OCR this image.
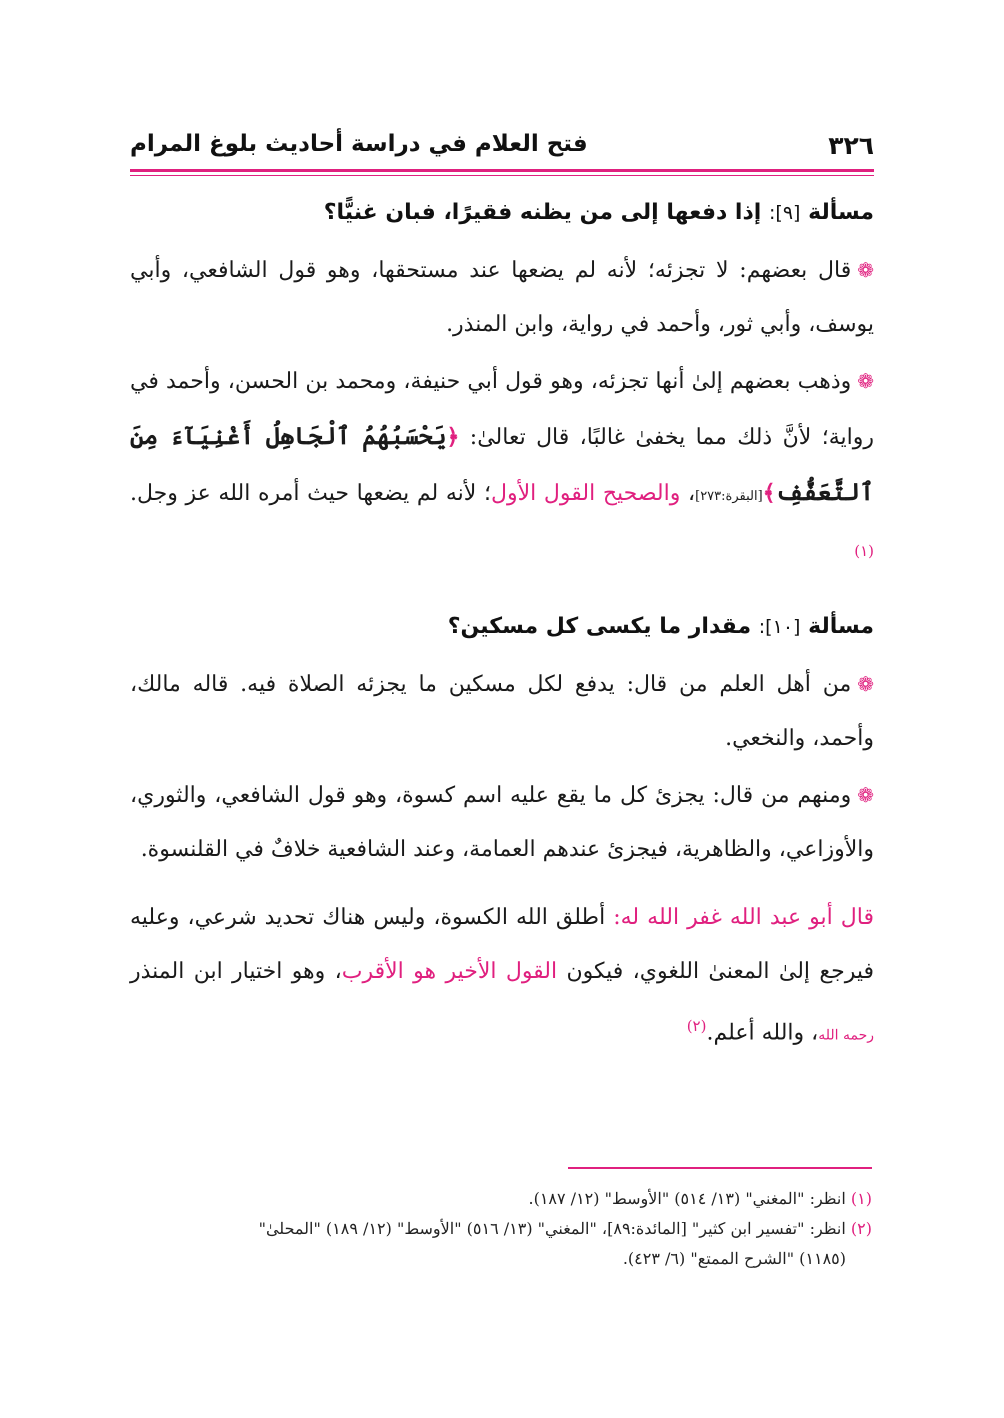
٣٢٦
فتح العلام في دراسة أحاديث بلوغ المرام
مسألة [٩]: إذا دفعها إلى من يظنه فقيرًا، فبان غنيًّا؟

❁قال بعضهم: لا تجزئه؛ لأنه لم يضعها عند مستحقها، وهو قول الشافعي، وأبي يوسف، وأبي ثور، وأحمد في رواية، وابن المنذر.

❁وذهب بعضهم إلىٰ أنها تجزئه، وهو قول أبي حنيفة، ومحمد بن الحسن، وأحمد في رواية؛ لأنَّ ذلك مما يخفىٰ غالبًا، قال تعالىٰ: ﴿يَحْسَبُهُمُ ٱلْجَاهِلُ أَغْنِيَآءَ مِنَ ٱلتَّعَفُّفِ﴾[البقرة:٢٧٣]، والصحيح القول الأول؛ لأنه لم يضعها حيث أمره الله عز وجل.$^{(١)}$

مسألة [١٠]: مقدار ما يكسى كل مسكين؟

❁من أهل العلم من قال: يدفع لكل مسكين ما يجزئه الصلاة فيه. قاله مالك، وأحمد، والنخعي.

❁ومنهم من قال: يجزئ كل ما يقع عليه اسم كسوة، وهو قول الشافعي، والثوري، والأوزاعي، والظاهرية، فيجزئ عندهم العمامة، وعند الشافعية خلافٌ في القلنسوة.

قال أبو عبد الله غفر الله له: أطلق الله الكسوة، وليس هناك تحديد شرعي، وعليه فيرجع إلىٰ المعنىٰ اللغوي، فيكون القول الأخير هو الأقرب، وهو اختيار ابن المنذر رحمه الله، والله أعلم.$^{(٢)}$

(١) انظر: "المغني" (١٣/ ٥١٤) "الأوسط" (١٢/ ١٨٧).

(٢) انظر: "تفسير ابن كثير" [المائدة:٨٩]، "المغني" (١٣/ ٥١٦) "الأوسط" (١٢/ ١٨٩) "المحلىٰ"

(١١٨٥) "الشرح الممتع" (٦/ ٤٢٣).
